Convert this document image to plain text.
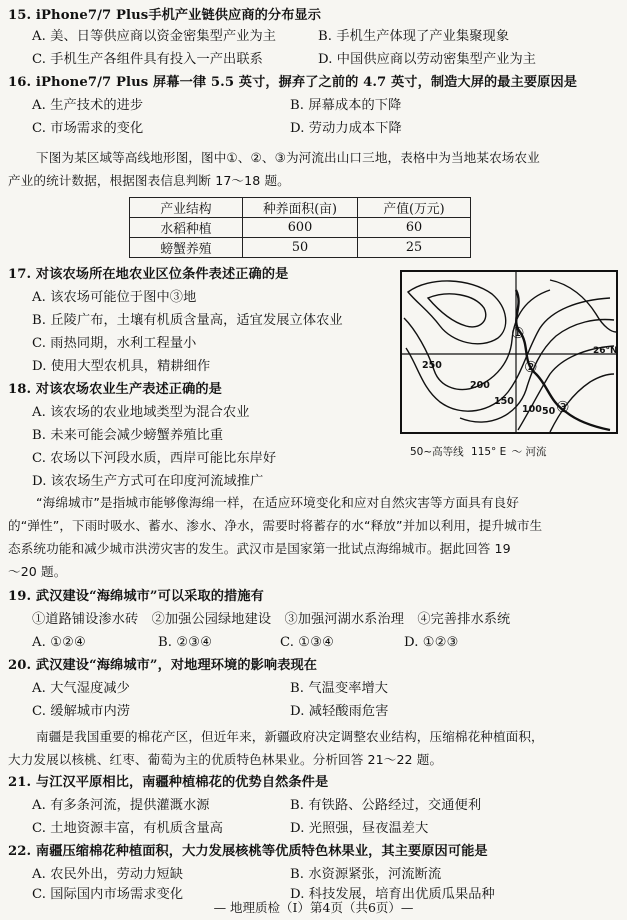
15. iPhone7/7 Plus手机产业链供应商的分布显示
A. 美、日等供应商以资金密集型产业为主	B. 手机生产体现了产业集聚现象
C. 手机生产各组件具有投入一产出联系	D. 中国供应商以劳动密集型产业为主
16. iPhone7/7 Plus 屏幕一律 5.5 英寸，摒弃了之前的 4.7 英寸，制造大屏的最主要原因是
A. 生产技术的进步	B. 屏幕成本的下降
C. 市场需求的变化	D. 劳动力成本下降
下图为某区域等高线地形图，图中①、②、③为河流出山口三地，表格中为当地某农场农业
产业的统计数据，根据图表信息判断 17～18 题。
产业结构	种养面积(亩)	产值(万元)
水稻种植	600	60
螃蟹养殖	50	25
17. 对该农场所在地农业区位条件表述正确的是
A. 该农场可能位于图中③地
B. 丘陵广布，土壤有机质含量高，适宜发展立体农业
C. 雨热同期，水利工程量小
D. 使用大型农机具，精耕细作
18. 对该农场农业生产表述正确的是
A. 该农场的农业地域类型为混合农业
B. 未来可能会减少螃蟹养殖比重
C. 农场以下河段水质，西岸可能比东岸好
D. 该农场生产方式可在印度河流域推广
250
200
150
100 50
26°N
①
②
③
50~高等线 115° E 〜 河流
“海绵城市”是指城市能够像海绵一样，在适应环境变化和应对自然灾害等方面具有良好
的“弹性”，下雨时吸水、蓄水、渗水、净水，需要时将蓄存的水“释放”并加以利用，提升城市生
态系统功能和减少城市洪涝灾害的发生。武汉市是国家第一批试点海绵城市。据此回答 19
～20 题。
19. 武汉建设“海绵城市”可以采取的措施有
①道路铺设渗水砖　②加强公园绿地建设　③加强河湖水系治理　④完善排水系统
A. ①②④	B. ②③④	C. ①③④	D. ①②③
20. 武汉建设“海绵城市”，对地理环境的影响表现在
A. 大气湿度减少	B. 气温变率增大
C. 缓解城市内涝	D. 减轻酸雨危害
南疆是我国重要的棉花产区，但近年来，新疆政府决定调整农业结构，压缩棉花种植面积，
大力发展以核桃、红枣、葡萄为主的优质特色林果业。分析回答 21～22 题。
21. 与江汉平原相比，南疆种植棉花的优势自然条件是
A. 有多条河流，提供灌溉水源	B. 有铁路、公路经过，交通便利
C. 土地资源丰富，有机质含量高	D. 光照强，昼夜温差大
22. 南疆压缩棉花种植面积，大力发展核桃等优质特色林果业，其主要原因可能是
A. 农民外出，劳动力短缺	B. 水资源紧张，河流断流
C. 国际国内市场需求变化	D. 科技发展，培育出优质瓜果品种
— 地理质检（Ⅰ）第4页（共6页）—
